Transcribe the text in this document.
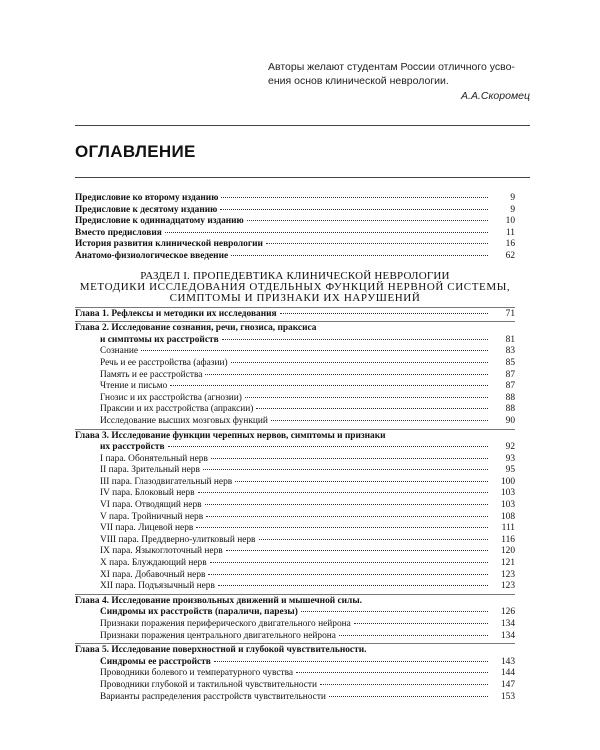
Авторы желают студентам России отличного усво-
ения основ клинической неврологии.
А.А.Скоромец
ОГЛАВЛЕНИЕ
Предисловие ко второму изданию	9
Предисловие к десятому изданию	9
Предисловие к одиннадцатому изданию	10
Вместо предисловия	11
История развития клинической неврологии	16
Анатомо-физиологическое введение	62
РАЗДЕЛ I. ПРОПЕДЕВТИКА КЛИНИЧЕСКОЙ НЕВРОЛОГИИ
МЕТОДИКИ ИССЛЕДОВАНИЯ ОТДЕЛЬНЫХ ФУНКЦИЙ НЕРВНОЙ СИСТЕМЫ,
СИМПТОМЫ И ПРИЗНАКИ ИХ НАРУШЕНИЙ
Глава 1. Рефлексы и методики их исследования	71
Глава 2. Исследование сознания, речи, гнозиса, праксиса
и симптомы их расстройств	81
Сознание	83
Речь и ее расстройства (афазии)	85
Память и ее расстройства	87
Чтение и письмо	87
Гнозис и их расстройства (агнозии)	88
Праксии и их расстройства (апраксии)	88
Исследование высших мозговых функций	90
Глава 3. Исследование функции черепных нервов, симптомы и признаки
их расстройств	92
I пара. Обонятельный нерв	93
II пара. Зрительный нерв	95
III пара. Глазодвигательный нерв	100
IV пара. Блоковый нерв	103
VI пара. Отводящий нерв	103
V пара. Тройничный нерв	108
VII пара. Лицевой нерв	111
VIII пара. Преддверно-улитковый нерв	116
IX пара. Языкоглоточный нерв	120
X пара. Блуждающий нерв	121
XI пара. Добавочный нерв	123
XII пара. Подъязычный нерв	123
Глава 4. Исследование произвольных движений и мышечной силы.
Синдромы их расстройств (параличи, парезы)	126
Признаки поражения периферического двигательного нейрона	134
Признаки поражения центрального двигательного нейрона	134
Глава 5. Исследование поверхностной и глубокой чувствительности.
Синдромы ее расстройств	143
Проводники болевого и температурного чувства	144
Проводники глубокой и тактильной чувствительности	147
Варианты распределения расстройств чувствительности	153
